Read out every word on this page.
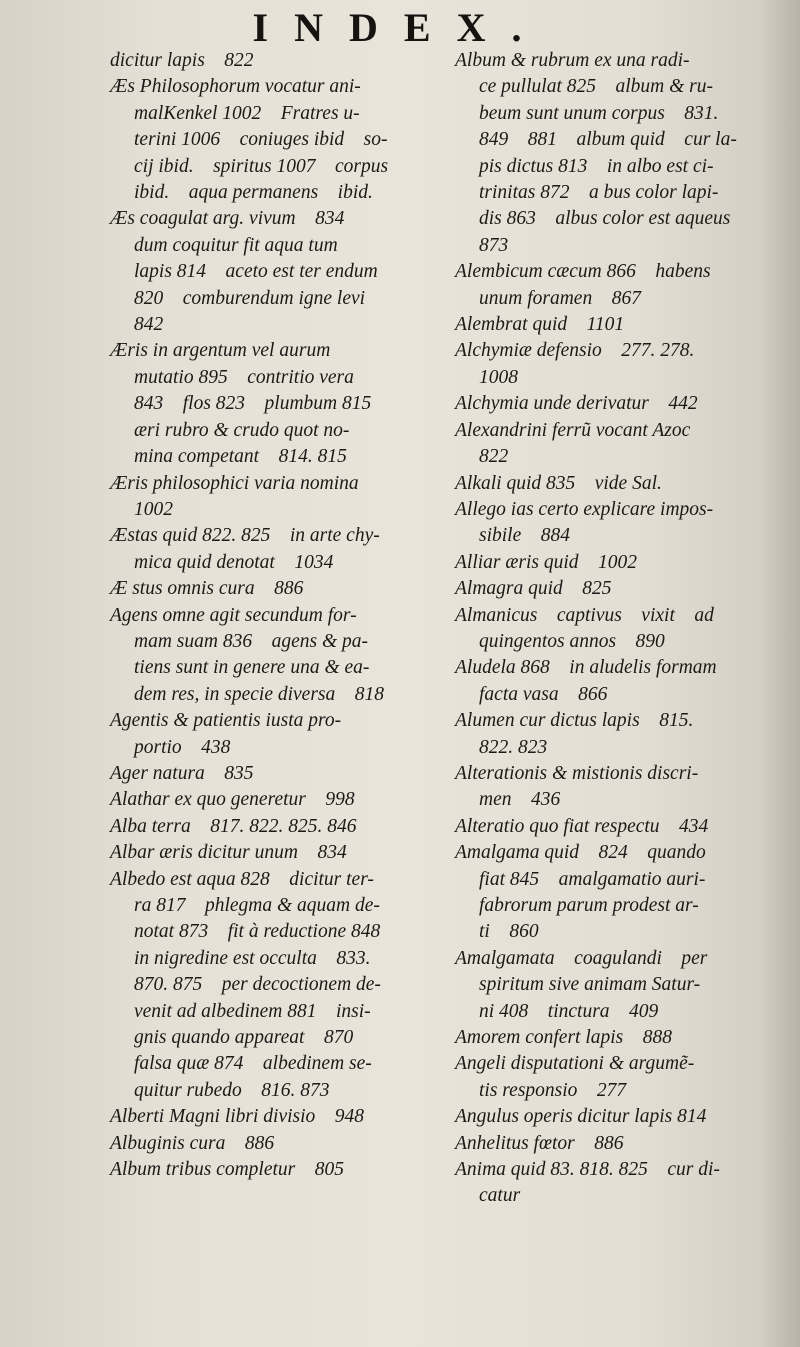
INDEX.
dicitur lapis 822
Æs Philosophorum vocatur ani-
malKenkel 1002 Fratres u-
terini 1006 coniuges ibid so-
cij ibid. spiritus 1007 corpus
ibid. aqua permanens ibid.
Æs coagulat arg. vivum 834
dum coquitur fit aqua tum
lapis 814 aceto est ter endum
820 comburendum igne levi
842
Æris in argentum vel aurum
mutatio 895 contritio vera
843 flos 823 plumbum 815
æri rubro & crudo quot no-
mina competant 814. 815
Æris philosophici varia nomina
1002
Æstas quid 822. 825 in arte chy-
mica quid denotat 1034
Æ stus omnis cura 886
Agens omne agit secundum for-
mam suam 836 agens & pa-
tiens sunt in genere una & ea-
dem res, in specie diversa 818
Agentis & patientis iusta pro-
portio 438
Ager natura 835
Alathar ex quo generetur 998
Alba terra 817. 822. 825. 846
Albar æris dicitur unum 834
Albedo est aqua 828 dicitur ter-
ra 817 phlegma & aquam de-
notat 873 fit à reductione 848
in nigredine est occulta 833.
870. 875 per decoctionem de-
venit ad albedinem 881 insi-
gnis quando appareat 870
falsa quæ 874 albedinem se-
quitur rubedo 816. 873
Alberti Magni libri divisio 948
Albuginis cura 886
Album tribus completur 805
Album & rubrum ex una radi-
ce pullulat 825 album & ru-
beum sunt unum corpus 831.
849 881 album quid cur la-
pis dictus 813 in albo est ci-
trinitas 872 a bus color lapi-
dis 863 albus color est aqueus
873
Alembicum cæcum 866 habens
unum foramen 867
Alembrat quid 1101
Alchymiæ defensio 277. 278.
1008
Alchymia unde derivatur 442
Alexandrini ferrũ vocant Azoc
822
Alkali quid 835 vide Sal.
Allego ias certo explicare impos-
sibile 884
Alliar æris quid 1002
Almagra quid 825
Almanicus captivus vixit ad
quingentos annos 890
Aludela 868 in aludelis formam
facta vasa 866
Alumen cur dictus lapis 815.
822. 823
Alterationis & mistionis discri-
men 436
Alteratio quo fiat respectu 434
Amalgama quid 824 quando
fiat 845 amalgamatio auri-
fabrorum parum prodest ar-
ti 860
Amalgamata coagulandi per
spiritum sive animam Satur-
ni 408 tinctura 409
Amorem confert lapis 888
Angeli disputationi & argumẽ-
tis responsio 277
Angulus operis dicitur lapis 814
Anhelitus fœtor 886
Anima quid 83. 818. 825 cur di-
catur
